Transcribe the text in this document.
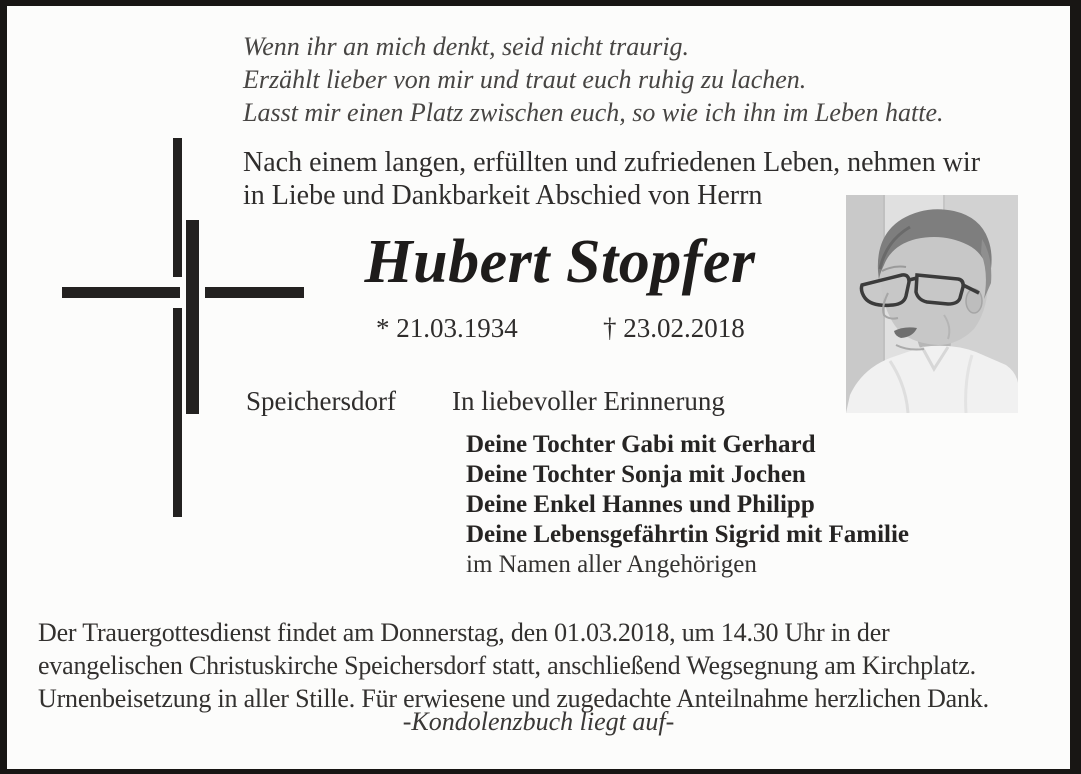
Wenn ihr an mich denkt, seid nicht traurig.
Erzählt lieber von mir und traut euch ruhig zu lachen.
Lasst mir einen Platz zwischen euch, so wie ich ihn im Leben hatte.
Nach einem langen, erfüllten und zufriedenen Leben, nehmen wir
in Liebe und Dankbarkeit Abschied von Herrn
Hubert Stopfer
* 21.03.1934	† 23.02.2018
Speichersdorf In liebevoller Erinnerung
Deine Tochter Gabi mit Gerhard
Deine Tochter Sonja mit Jochen
Deine Enkel Hannes und Philipp
Deine Lebensgefährtin Sigrid mit Familie
im Namen aller Angehörigen
Der Trauergottesdienst findet am Donnerstag, den 01.03.2018, um 14.30 Uhr in der
evangelischen Christuskirche Speichersdorf statt, anschließend Wegsegnung am Kirchplatz.
Urnenbeisetzung in aller Stille. Für erwiesene und zugedachte Anteilnahme herzlichen Dank.
-Kondolenzbuch liegt auf-
